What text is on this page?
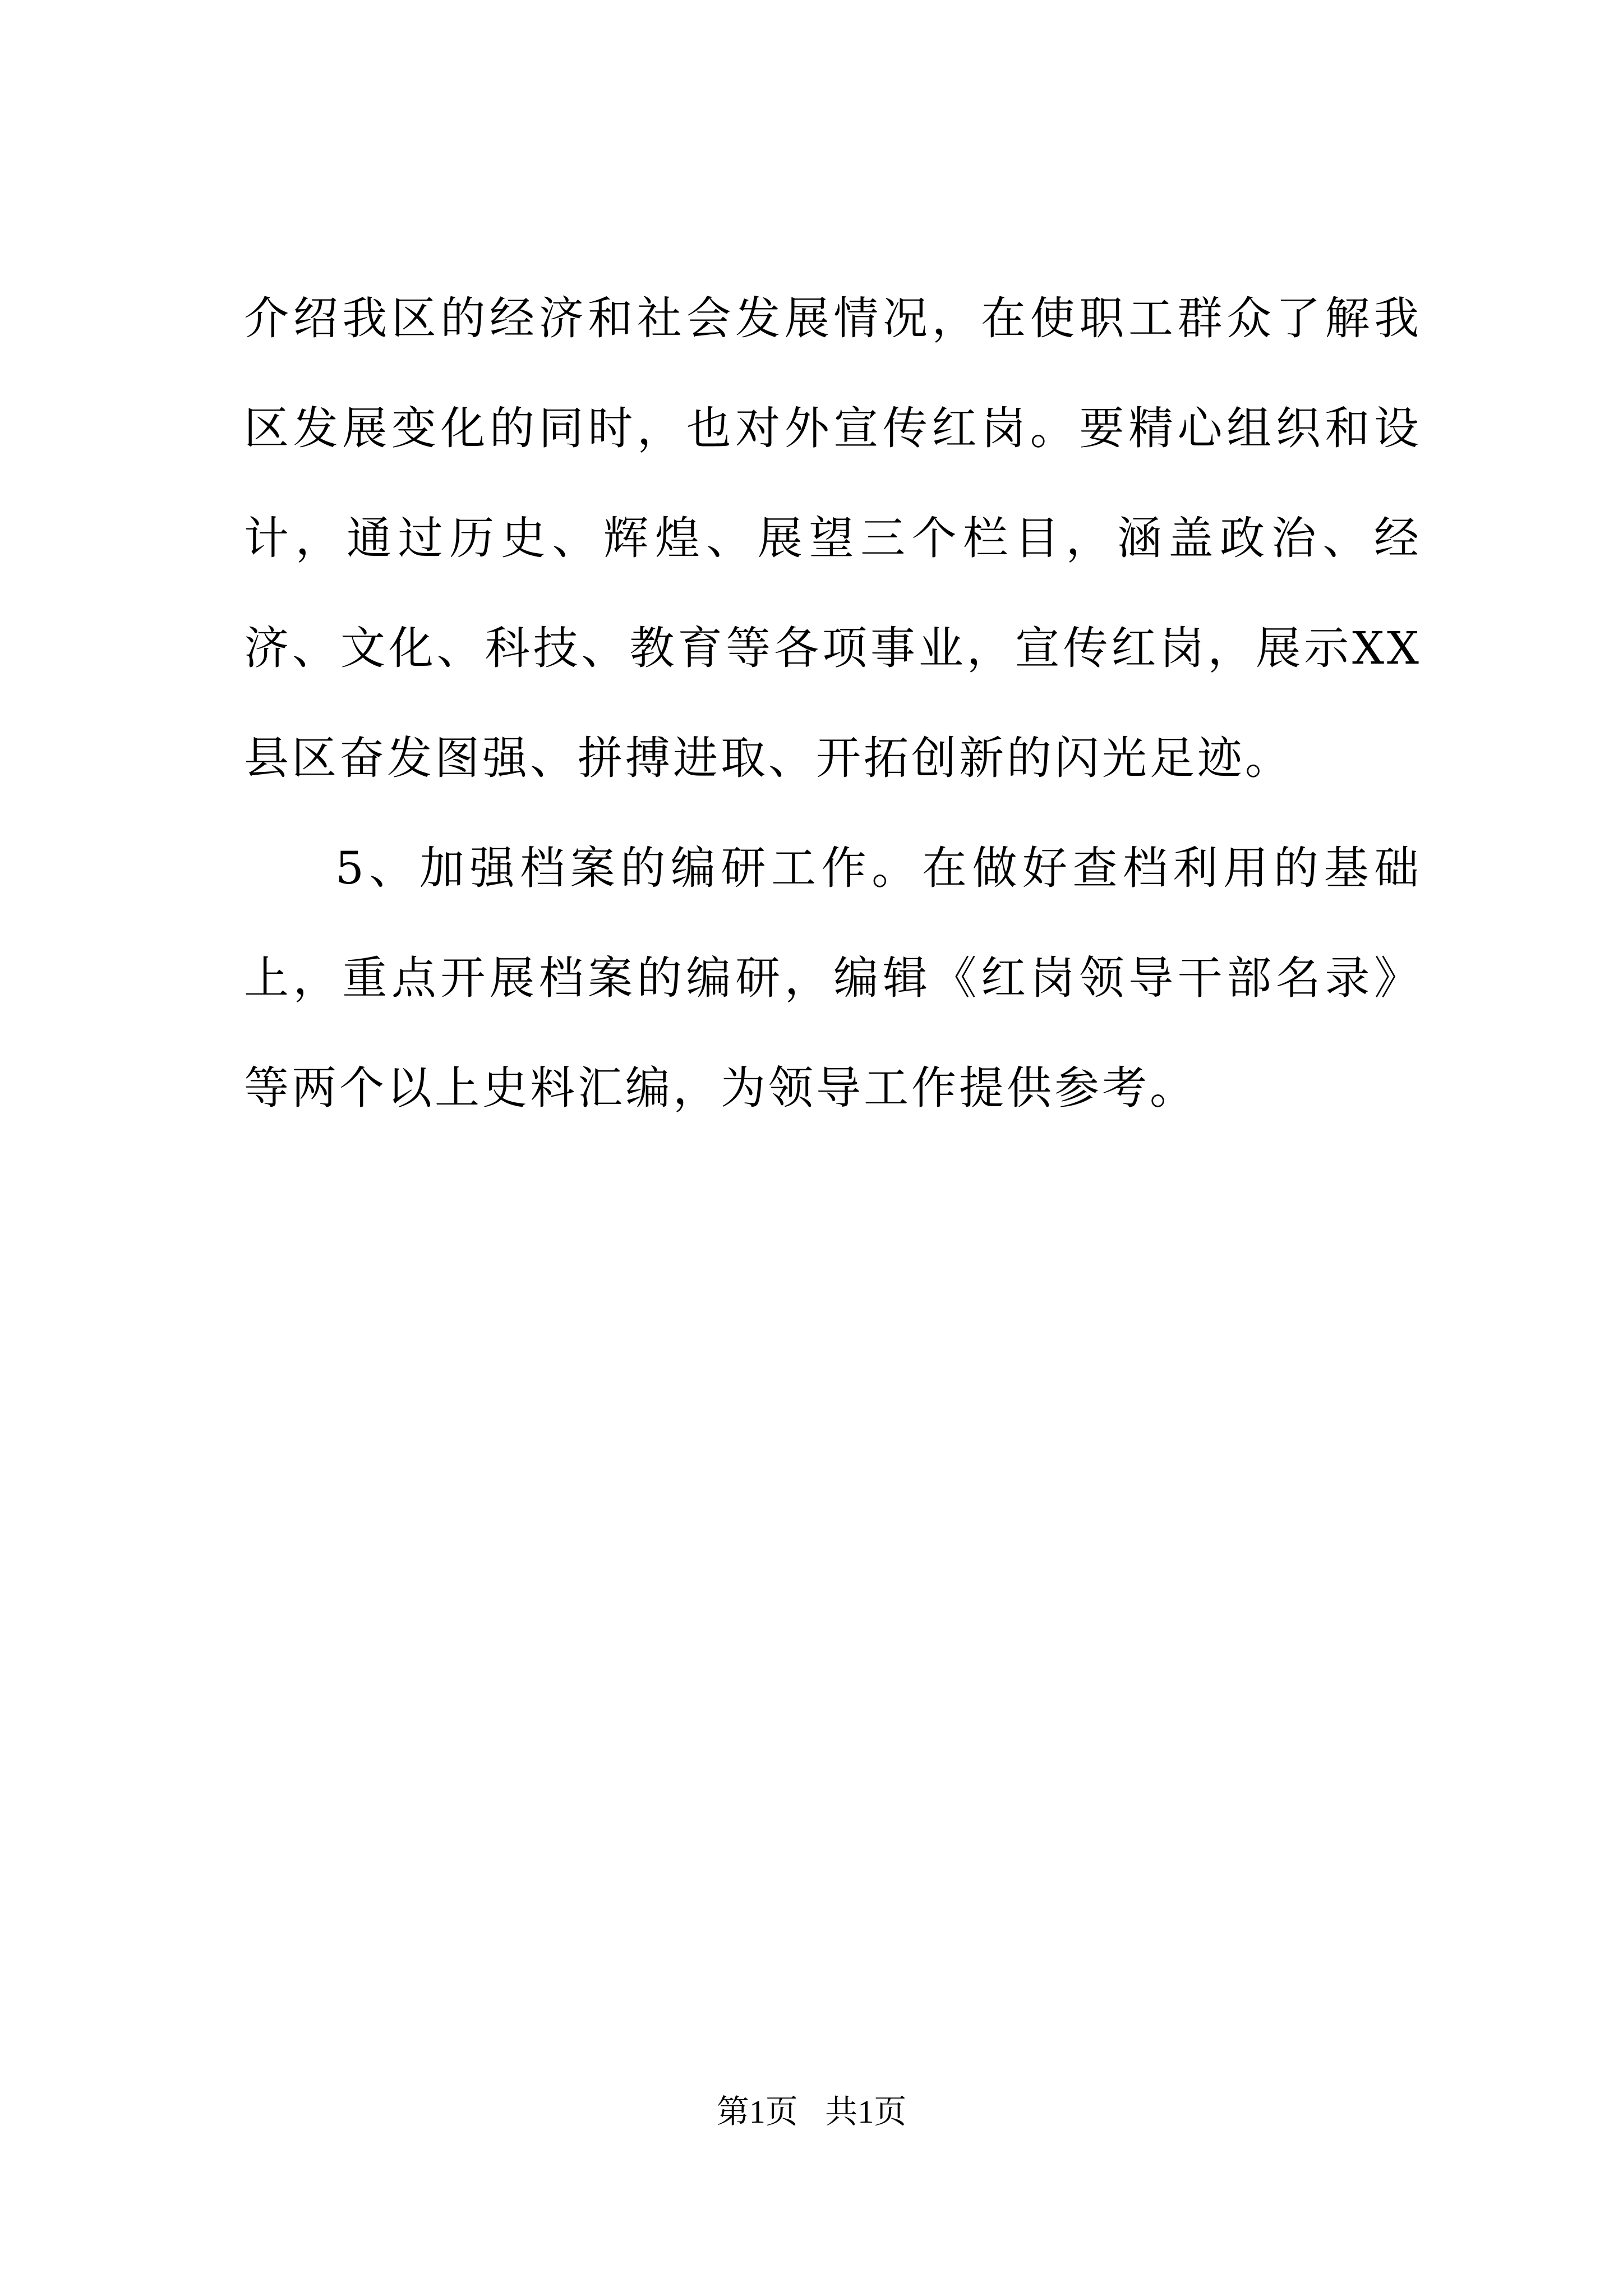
介绍我区的经济和社会发展情况，在使职工群众了解我区发展变化的同时，也对外宣传红岗。要精心组织和设计，通过历史、辉煌、展望三个栏目，涵盖政治、经济、文化、科技、教育等各项事业，宣传红岗，展示XX县区奋发图强、拼搏进取、开拓创新的闪光足迹。

5、加强档案的编研工作。在做好查档利用的基础上，重点开展档案的编研，编辑《红岗领导干部名录》等两个以上史料汇编，为领导工作提供参考。

第1页 共1页
